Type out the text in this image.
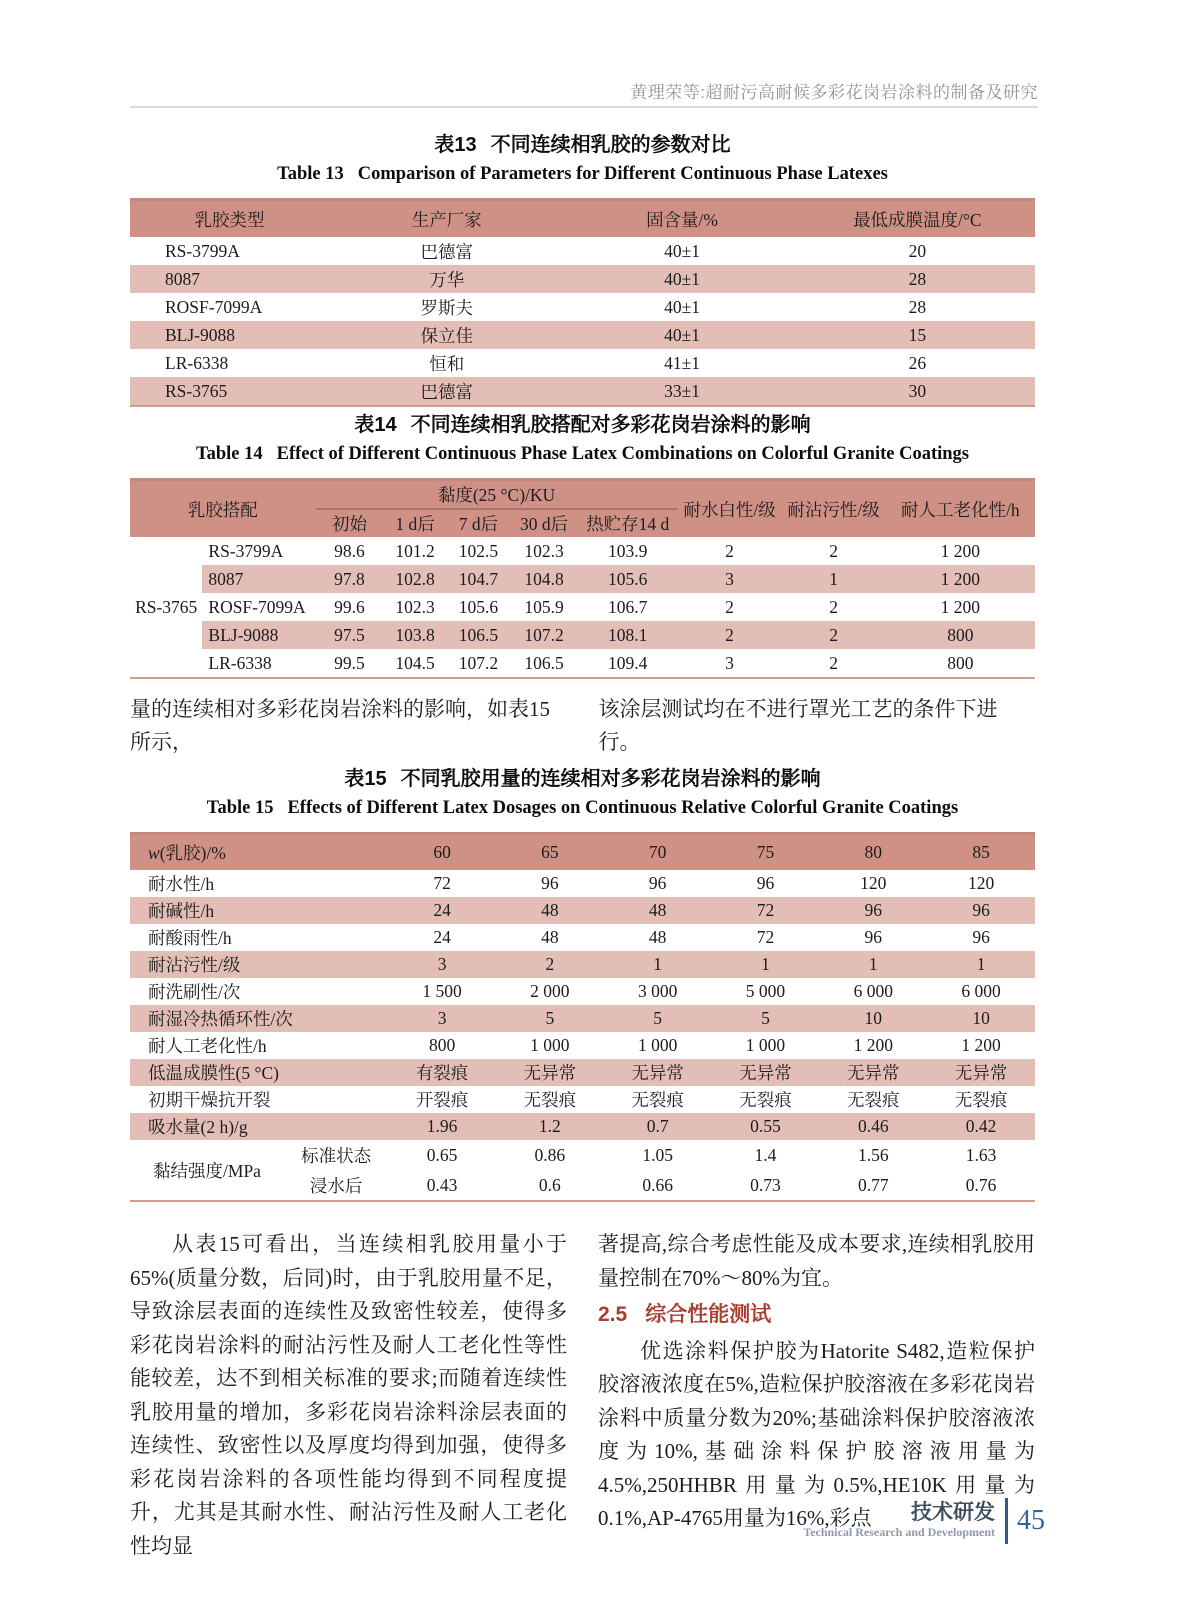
黄理荣等:超耐污高耐候多彩花岗岩涂料的制备及研究
表13 不同连续相乳胶的参数对比
Table 13 Comparison of Parameters for Different Continuous Phase Latexes
乳胶类型	生产厂家	固含量/%	最低成膜温度/°C
RS-3799A	巴德富	40±1	20
8087	万华	40±1	28
ROSF-7099A	罗斯夫	40±1	28
BLJ-9088	保立佳	40±1	15
LR-6338	恒和	41±1	26
RS-3765	巴德富	33±1	30
表14 不同连续相乳胶搭配对多彩花岗岩涂料的影响
Table 14 Effect of Different Continuous Phase Latex Combinations on Colorful Granite Coatings
乳胶搭配		黏度(25 °C)/KU					耐水白性/级	耐沾污性/级	耐人工老化性/h
		初始	1 d后	7 d后	30 d后	热贮存14 d			
RS-3765	RS-3799A	98.6	101.2	102.5	102.3	103.9	2	2	1 200
	8087	97.8	102.8	104.7	104.8	105.6	3	1	1 200
	ROSF-7099A	99.6	102.3	105.6	105.9	106.7	2	2	1 200
	BLJ-9088	97.5	103.8	106.5	107.2	108.1	2	2	800
	LR-6338	99.5	104.5	107.2	106.5	109.4	3	2	800
量的连续相对多彩花岗岩涂料的影响，如表15所示，
该涂层测试均在不进行罩光工艺的条件下进行。
表15 不同乳胶用量的连续相对多彩花岗岩涂料的影响
Table 15 Effects of Different Latex Dosages on Continuous Relative Colorful Granite Coatings
w(乳胶)/%		60	65	70	75	80	85
耐水性/h		72	96	96	96	120	120
耐碱性/h		24	48	48	72	96	96
耐酸雨性/h		24	48	48	72	96	96
耐沾污性/级		3	2	1	1	1	1
耐洗刷性/次		1 500	2 000	3 000	5 000	6 000	6 000
耐湿冷热循环性/次		3	5	5	5	10	10
耐人工老化性/h		800	1 000	1 000	1 000	1 200	1 200
低温成膜性(5 °C)		有裂痕	无异常	无异常	无异常	无异常	无异常
初期干燥抗开裂		开裂痕	无裂痕	无裂痕	无裂痕	无裂痕	无裂痕
吸水量(2 h)/g		1.96	1.2	0.7	0.55	0.46	0.42
黏结强度/MPa	标准状态	0.65	0.86	1.05	1.4	1.56	1.63
	浸水后	0.43	0.6	0.66	0.73	0.77	0.76

从表15可看出，当连续相乳胶用量小于65%(质量分数，后同)时，由于乳胶用量不足，导致涂层表面的连续性及致密性较差，使得多彩花岗岩涂料的耐沾污性及耐人工老化性等性能较差，达不到相关标准的要求;而随着连续性乳胶用量的增加，多彩花岗岩涂料涂层表面的连续性、致密性以及厚度均得到加强，使得多彩花岗岩涂料的各项性能均得到不同程度提升，尤其是其耐水性、耐沾污性及耐人工老化性均显

著提高,综合考虑性能及成本要求,连续相乳胶用量控制在70%～80%为宜。

2.5 综合性能测试

优选涂料保护胶为Hatorite S482,造粒保护胶溶液浓度在5%,造粒保护胶溶液在多彩花岗岩涂料中质量分数为20%;基础涂料保护胶溶液浓度为10%,基础涂料保护胶溶液用量为4.5%,250HHBR用量为0.5%,HE10K用量为0.1%,AP-4765用量为16%,彩点	技术研发
Technical Research and Development 45
